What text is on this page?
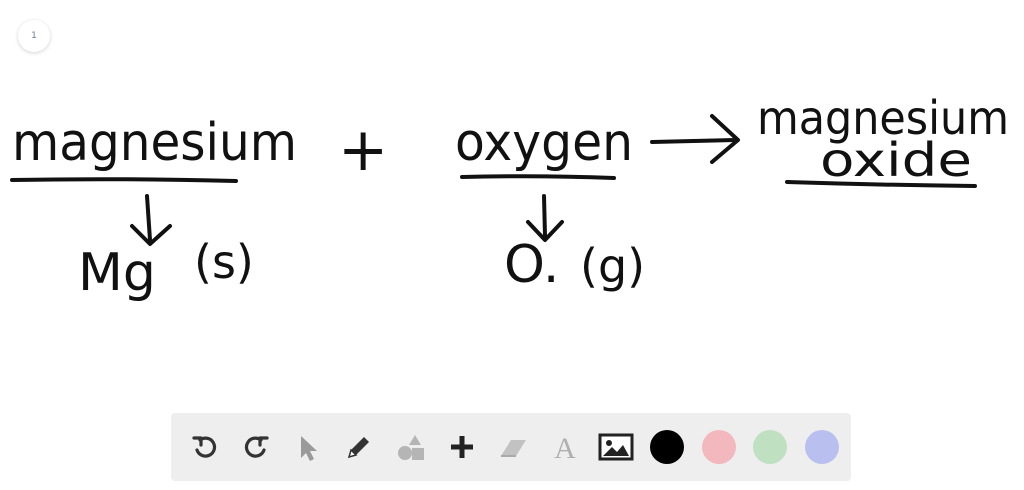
1
magnesium + oxygen	magnesium
oxide
Mg (s)	O. (g)
A
